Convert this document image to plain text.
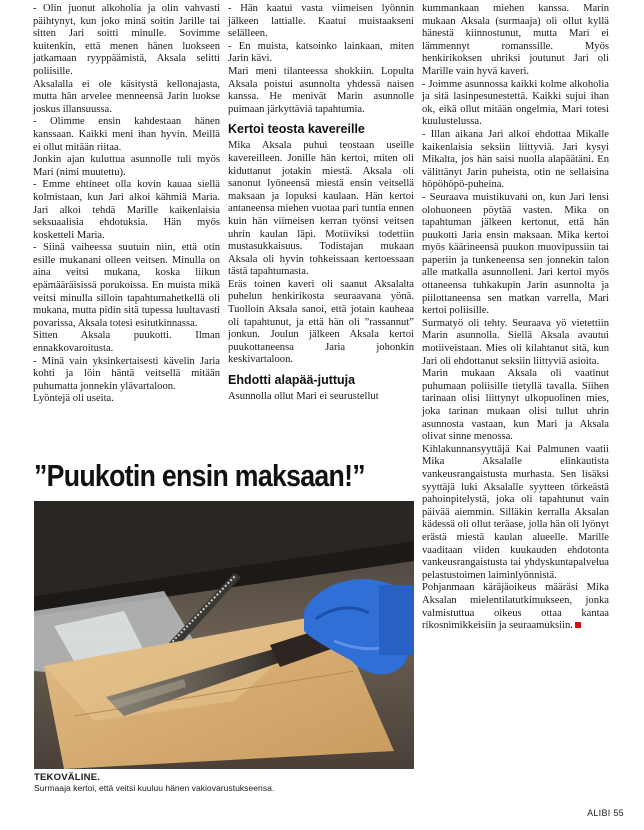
- Olin juonut alkoholia ja olin vahvasti päihtynyt, kun joko minä soitin Jarille tai sitten Jari soitti minulle. Sovimme kuitenkin, että menen hänen luokseen jatkamaan ryyppäämistä, Aksala selitti poliisille.

Aksalalla ei ole käsitystä kellonajasta, mutta hän arvelee menneensä Jarin luokse joskus illansuussa.

- Olimme ensin kahdestaan hänen kanssaan. Kaikki meni ihan hyvin. Meillä ei ollut mitään riitaa.

Jonkin ajan kuluttua asunnolle tuli myös Mari (nimi muutettu).

- Emme ehtineet olla kovin kauaa siellä kolmistaan, kun Jari alkoi kähmiä Maria. Jari alkoi tehdä Marille kaikenlaisia seksuaalisia ehdotuksia. Hän myös kosketteli Maria.

- Siinä vaiheessa suutuin niin, että otin esille mukanani olleen veitsen. Minulla on aina veitsi mukana, koska liikun epämääräisissä porukoissa. En muista mikä veitsi minulla silloin tapahtumahetkellä oli mukana, mutta pidin sitä tupessa luultavasti povarissa, Aksala totesi esitutkinnassa.

Sitten Aksala puukotti. Ilman ennakkovaroitusta.

- Minä vain yksinkertaisesti kävelin Jaria kohti ja löin häntä veitsellä mitään puhumatta jonnekin ylävartaloon.

Lyöntejä oli useita.

- Hän kaatui vasta viimeisen lyönnin jälkeen lattialle. Kaatui muistaakseni selälleen.

- En muista, katsoinko lainkaan, miten Jarin kävi.

Mari meni tilanteessa shokkiin. Lopulta Aksala poistui asunnolta yhdessä naisen kanssa. He menivät Marin asunnolle puimaan järkyttäviä tapahtumia.

Kertoi teosta kavereille

Mika Aksala puhui teostaan useille kavereilleen. Jonille hän kertoi, miten oli kiduttanut jotakin miestä. Aksala oli sanonut lyöneensä miestä ensin veitsellä maksaan ja lopuksi kaulaan. Hän kertoi antaneensa miehen vuotaa pari tuntia ennen kuin hän viimeisen kerran työnsi veitsen uhrin kaulan läpi. Motiiviksi todettiin mustasukkaisuus. Todistajan mukaan Aksala oli hyvin tohkeissaan kertoessaan tästä tapahtumasta.

Eräs toinen kaveri oli saanut Aksalalta puhelun henkirikosta seuraavana yönä. Tuolloin Aksala sanoi, että jotain kauheaa oli tapahtunut, ja että hän oli ”rassannut” jonkun. Joulun jälkeen Aksala kertoi puukottaneensa Jaria johonkin keskivartaloon.

Ehdotti alapää-juttuja

Asunnolla ollut Mari ei seurustellut

kummankaan miehen kanssa. Marin mukaan Aksala (surmaaja) oli ollut kyllä hänestä kiinnostunut, mutta Mari ei lämmennyt romanssille. Myös henkirikoksen uhriksi joutunut Jari oli Marille vain hyvä kaveri.

- Joimme asunnossa kaikki kolme alkoholia ja sitä lasinpesunestettä. Kaikki sujui ihan ok, eikä ollut mitään ongelmia, Mari totesi kuulustelussa.

- Illan aikana Jari alkoi ehdottaa Mikalle kaikenlaisia seksiin liittyviä. Jari kysyi Mikalta, jos hän saisi nuolla alapäätäni. En välittänyt Jarin puheista, otin ne sellaisina höpöhöpö-puheina.

- Seuraava muistikuvani on, kun Jari lensi olohuoneen pöytää vasten. Mika on tapahtuman jälkeen kertonut, että hän puukotti Jaria ensin maksaan. Mika kertoi myös käärineensä puukon muovipussiin tai paperiin ja tunkeneensa sen jonnekin talon alle matkalla asunnolleni. Jari kertoi myös ottaneensa tuhkakupin Jarin asunnolta ja piilottaneensa sen matkan varrella, Mari kertoi poliisille.

Surmatyö oli tehty. Seuraava yö vietettiin Marin asunnolla. Siellä Aksala avautui motiiveistaan. Mies oli kilahtanut sitä, kun Jari oli ehdottanut seksiin liittyviä asioita.

Marin mukaan Aksala oli vaatinut puhumaan poliisille tietyllä tavalla. Siihen tarinaan olisi liittynyt ulkopuolinen mies, joka tarinan mukaan olisi tullut uhrin asunnosta vastaan, kun Mari ja Aksala olivat sinne menossa.

Kihlakunnansyyttäjä Kai Palmunen vaatii Mika Aksalalle elinkautista vankeusrangaistusta murhasta. Sen lisäksi syyttäjä luki Aksalalle syytteen törkeästä pahoinpitelystä, joka oli tapahtunut vain päivää aiemmin. Silläkin kerralla Aksalan kädessä oli ollut teräase, jolla hän oli lyönyt erästä miestä kaulan alueelle. Marille vaaditaan viiden kuukauden ehdotonta vankeusrangaistusta tai yhdyskuntapalvelua pelastustoimen laiminlyönnistä.

Pohjanmaan käräjäoikeus määräsi Mika Aksalan mielentilatutkimukseen, jonka valmistuttua oikeus ottaa kantaa rikosnimikkeisiin ja seuraamuksiin.

”Puukotin ensin maksaan!”
TEKOVÄLINE.
Surmaaja kertoi, että veitsi kuuluu hänen vakiovarustukseensa.
ALIBI 55
